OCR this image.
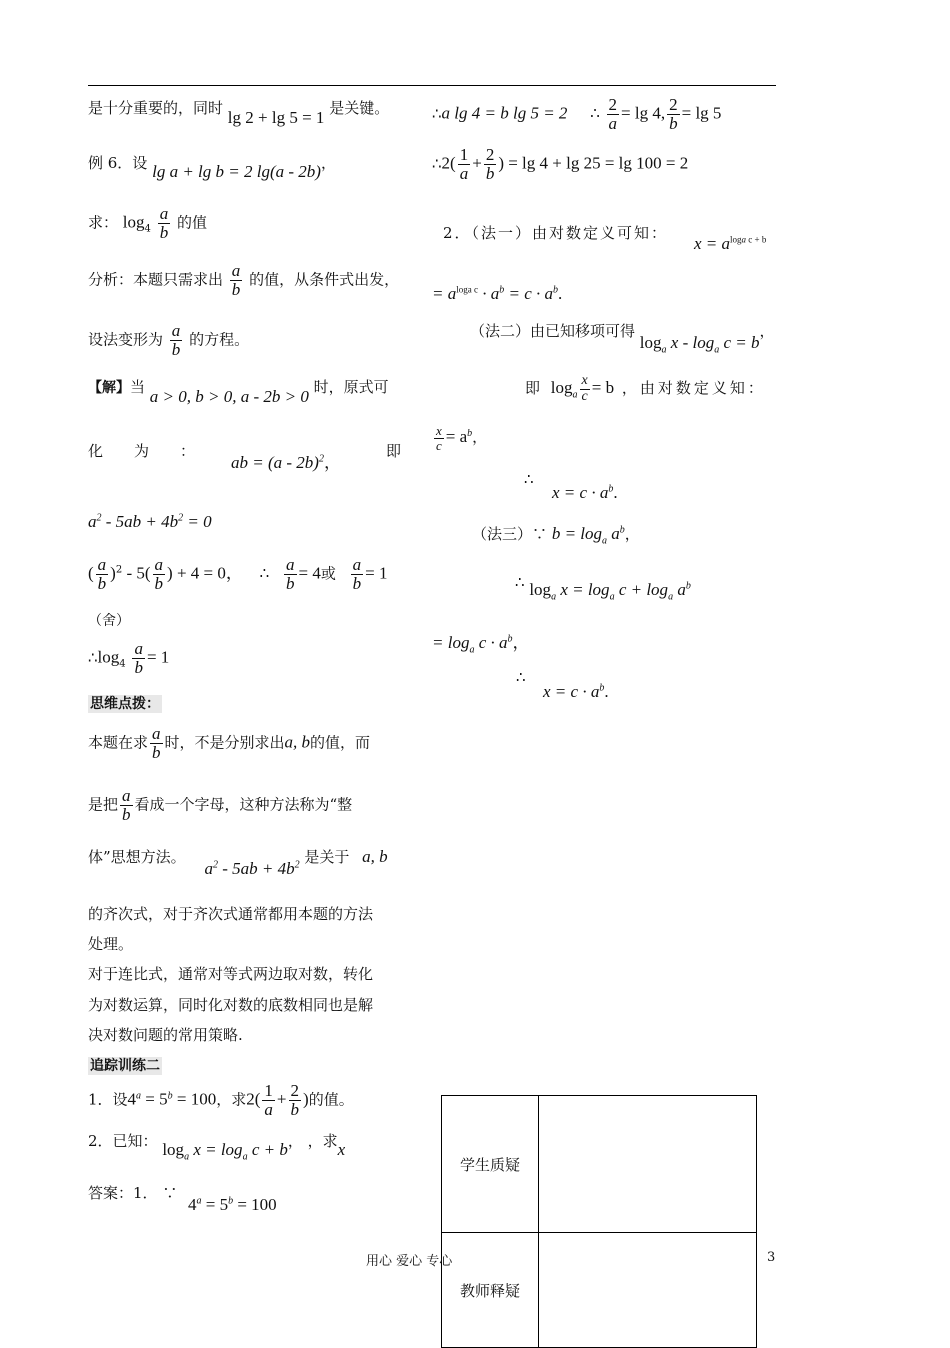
是十分重要的，同时 lg 2 + lg 5 = 1 是关键。
例 6．设 lg a + lg b = 2 lg(a - 2b)，
求： $\log_4 \frac{a}{b}$ 的值
分析：本题只需求出 $\frac{a}{b}$ 的值，从条件式出发，
设法变形为 $\frac{a}{b}$ 的方程。
【解】当 a > 0, b > 0, a - 2b > 0 时，原式可
化 为 ：
ab = (a - 2b)$^2$，
即
$a^2 - 5ab + 4b^2 = 0$
( $\frac{a}{b} )^2 - 5( \frac{a}{b}$ ) + 4 = 0， ∴ $\frac{a}{b} = 4$或 $\frac{a}{b} = 1$
（舍）
$\therefore\log_4 \frac{a}{b} = 1$
思维点拨：
本题在求 $\frac{a}{b}$ 时，不是分别求出a, b的值，而
是把 $\frac{a}{b}$ 看成一个字母，这种方法称为“整
体”思想方法。 $a^2 - 5ab + 4b^2$ 是关于 a, b
的齐次式，对于齐次式通常都用本题的方法
处理。
对于连比式，通常对等式两边取对数，转化
为对数运算，同时化对数的底数相同也是解
决对数问题的常用策略.
追踪训练二
1．设$4^a = 5^b = 100$，求$2( \frac{1}{a} + \frac{2}{b}$ )的值。
2．已知： $\log_a x = \log_a c + b$， ，求x
答案：1． ∵
$4^a = 5^b = 100$
∴a lg 4 = b lg 5 = 2 ∴ $\frac{2}{a} = \lg 4$, $\frac{2}{b} = \lg 5$
∴2( $\frac{1}{a} + \frac{2}{b}$ ) = lg 4 + lg 25 = lg 100 = 2
2．（法一）由对数定义可知：
$x = a^{loga c + b}$
= $a^{loga c} \cdot a^b = c \cdot a^b$.
（法二）由已知移项可得 $\log_a x - \log_a c = b$，
即 $\log_a \frac{x}{c} = b$ ，由对数定义知：
$\frac{x}{c} = a^b$，
∴
$x = c \cdot a^b$.
（法三）∵ $b = \log_a a^b$，
∴ $\log_a x = \log_a c + \log_a a^b$
= $\log_a c \cdot a^b$，
∴
$x = c \cdot a^b$.
学生质疑	
教师释疑	
用心 爱心 专心	3
